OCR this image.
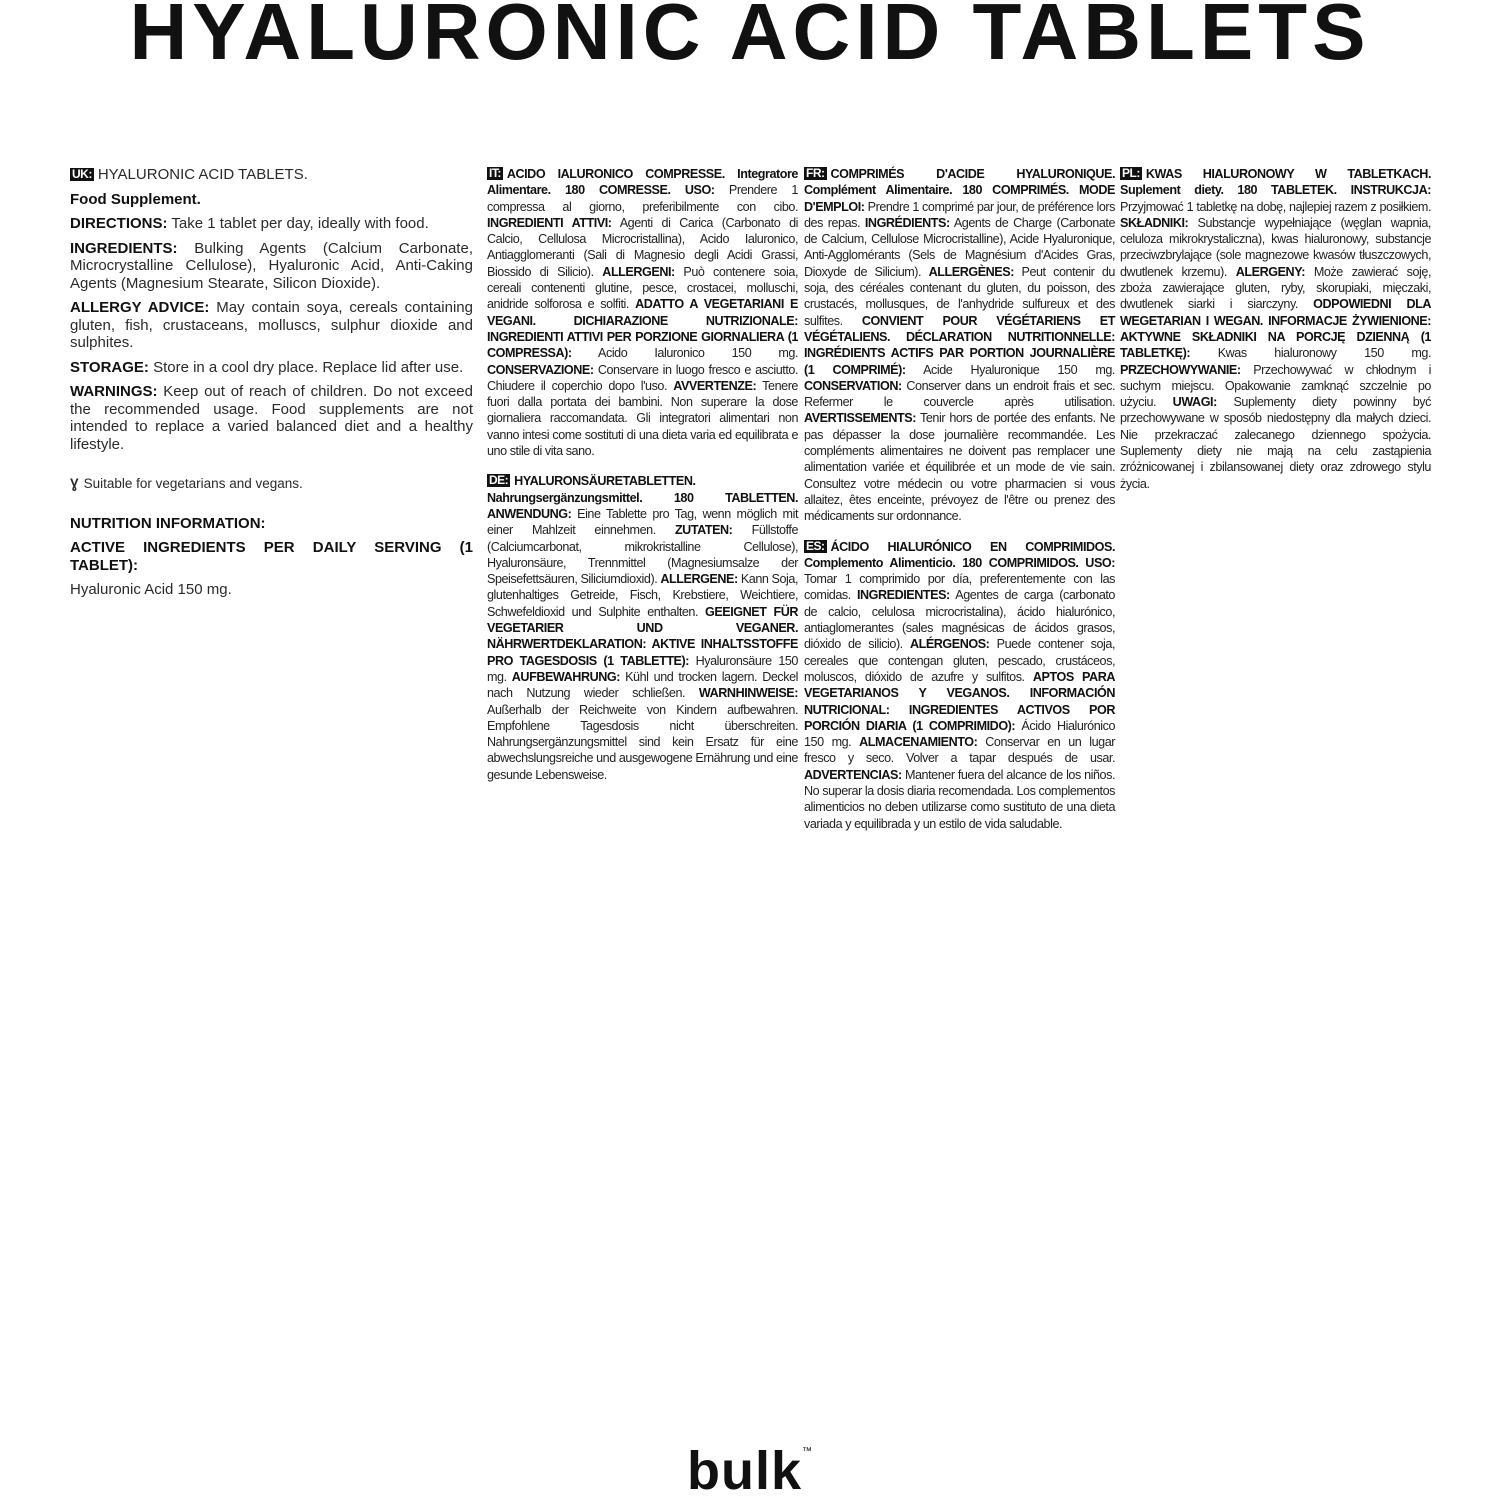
HYALURONIC ACID TABLETS

UK: HYALURONIC ACID TABLETS.

Food Supplement.

DIRECTIONS: Take 1 tablet per day, ideally with food.

INGREDIENTS: Bulking Agents (Calcium Carbonate, Microcrystalline Cellulose), Hyaluronic Acid, Anti-Caking Agents (Magnesium Stearate, Silicon Dioxide).

ALLERGY ADVICE: May contain soya, cereals containing gluten, fish, crustaceans, molluscs, sulphur dioxide and sulphites.

STORAGE: Store in a cool dry place. Replace lid after use.

WARNINGS: Keep out of reach of children. Do not exceed the recommended usage. Food supplements are not intended to replace a varied balanced diet and a healthy lifestyle.

Ɣ Suitable for vegetarians and vegans.

NUTRITION INFORMATION:

ACTIVE INGREDIENTS PER DAILY SERVING (1 TABLET):

Hyaluronic Acid 150 mg.

IT: ACIDO IALURONICO COMPRESSE. Integratore Alimentare. 180 COMRESSE. USO: Prendere 1 compressa al giorno, preferibilmente con cibo. INGREDIENTI ATTIVI: Agenti di Carica (Carbonato di Calcio, Cellulosa Microcristallina), Acido Ialuronico, Antiagglomeranti (Sali di Magnesio degli Acidi Grassi, Biossido di Silicio). ALLERGENI: Può contenere soia, cereali contenenti glutine, pesce, crostacei, molluschi, anidride solforosa e solfiti. ADATTO A VEGETARIANI E VEGANI. DICHIARAZIONE NUTRIZIONALE: INGREDIENTI ATTIVI PER PORZIONE GIORNALIERA (1 COMPRESSA): Acido Ialuronico 150 mg. CONSERVAZIONE: Conservare in luogo fresco e asciutto. Chiudere il coperchio dopo l'uso. AVVERTENZE: Tenere fuori dalla portata dei bambini. Non superare la dose giornaliera raccomandata. Gli integratori alimentari non vanno intesi come sostituti di una dieta varia ed equilibrata e uno stile di vita sano.
DE: HYALURONSÄURETABLETTEN. Nahrungsergänzungsmittel. 180 TABLETTEN. ANWENDUNG: Eine Tablette pro Tag, wenn möglich mit einer Mahlzeit einnehmen. ZUTATEN: Füllstoffe (Calciumcarbonat, mikrokristalline Cellulose), Hyaluronsäure, Trennmittel (Magnesiumsalze der Speisefettsäuren, Siliciumdioxid). ALLERGENE: Kann Soja, glutenhaltiges Getreide, Fisch, Krebstiere, Weichtiere, Schwefeldioxid und Sulphite enthalten. GEEIGNET FÜR VEGETARIER UND VEGANER. NÄHRWERTDEKLARATION: AKTIVE INHALTSSTOFFE PRO TAGESDOSIS (1 TABLETTE): Hyaluronsäure 150 mg. AUFBEWAHRUNG: Kühl und trocken lagern. Deckel nach Nutzung wieder schließen. WARNHINWEISE: Außerhalb der Reichweite von Kindern aufbewahren. Empfohlene Tagesdosis nicht überschreiten. Nahrungsergänzungsmittel sind kein Ersatz für eine abwechslungsreiche und ausgewogene Ernährung und eine gesunde Lebensweise.
FR: COMPRIMÉS D'ACIDE HYALURONIQUE. Complément Alimentaire. 180 COMPRIMÉS. MODE D'EMPLOI: Prendre 1 comprimé par jour, de préférence lors des repas. INGRÉDIENTS: Agents de Charge (Carbonate de Calcium, Cellulose Microcristalline), Acide Hyaluronique, Anti-Agglomérants (Sels de Magnésium d'Acides Gras, Dioxyde de Silicium). ALLERGÈNES: Peut contenir du soja, des céréales contenant du gluten, du poisson, des crustacés, mollusques, de l'anhydride sulfureux et des sulfites. CONVIENT POUR VÉGÉTARIENS ET VÉGÉTALIENS. DÉCLARATION NUTRITIONNELLE: INGRÉDIENTS ACTIFS PAR PORTION JOURNALIÈRE (1 COMPRIMÉ): Acide Hyaluronique 150 mg. CONSERVATION: Conserver dans un endroit frais et sec. Refermer le couvercle après utilisation. AVERTISSEMENTS: Tenir hors de portée des enfants. Ne pas dépasser la dose journalière recommandée. Les compléments alimentaires ne doivent pas remplacer une alimentation variée et équilibrée et un mode de vie sain. Consultez votre médecin ou votre pharmacien si vous allaitez, êtes enceinte, prévoyez de l'être ou prenez des médicaments sur ordonnance.
ES: ÁCIDO HIALURÓNICO EN COMPRIMIDOS. Complemento Alimenticio. 180 COMPRIMIDOS. USO: Tomar 1 comprimido por día, preferentemente con las comidas. INGREDIENTES: Agentes de carga (carbonato de calcio, celulosa microcristalina), ácido hialurónico, antiaglomerantes (sales magnésicas de ácidos grasos, dióxido de silicio). ALÉRGENOS: Puede contener soja, cereales que contengan gluten, pescado, crustáceos, moluscos, dióxido de azufre y sulfitos. APTOS PARA VEGETARIANOS Y VEGANOS. INFORMACIÓN NUTRICIONAL: INGREDIENTES ACTIVOS POR PORCIÓN DIARIA (1 COMPRIMIDO): Ácido Hialurónico 150 mg. ALMACENAMIENTO: Conservar en un lugar fresco y seco. Volver a tapar después de usar. ADVERTENCIAS: Mantener fuera del alcance de los niños. No superar la dosis diaria recomendada. Los complementos alimenticios no deben utilizarse como sustituto de una dieta variada y equilibrada y un estilo de vida saludable.
PL: KWAS HIALURONOWY W TABLETKACH. Suplement diety. 180 TABLETEK. INSTRUKCJA: Przyjmować 1 tabletkę na dobę, najlepiej razem z posiłkiem. SKŁADNIKI: Substancje wypełniające (węglan wapnia, celuloza mikrokrystaliczna), kwas hialuronowy, substancje przeciwzbrylające (sole magnezowe kwasów tłuszczowych, dwutlenek krzemu). ALERGENY: Może zawierać soję, zboża zawierające gluten, ryby, skorupiaki, mięczaki, dwutlenek siarki i siarczyny. ODPOWIEDNI DLA WEGETARIAN I WEGAN. INFORMACJE ŻYWIENIONE: AKTYWNE SKŁADNIKI NA PORCJĘ DZIENNĄ (1 TABLETKĘ): Kwas hialuronowy 150 mg. PRZECHOWYWANIE: Przechowywać w chłodnym i suchym miejscu. Opakowanie zamknąć szczelnie po użyciu. UWAGI: Suplementy diety powinny być przechowywane w sposób niedostępny dla małych dzieci. Nie przekraczać zalecanego dziennego spożycia. Suplementy diety nie mają na celu zastąpienia zróżnicowanej i zbilansowanej diety oraz zdrowego stylu życia.
bulk™
